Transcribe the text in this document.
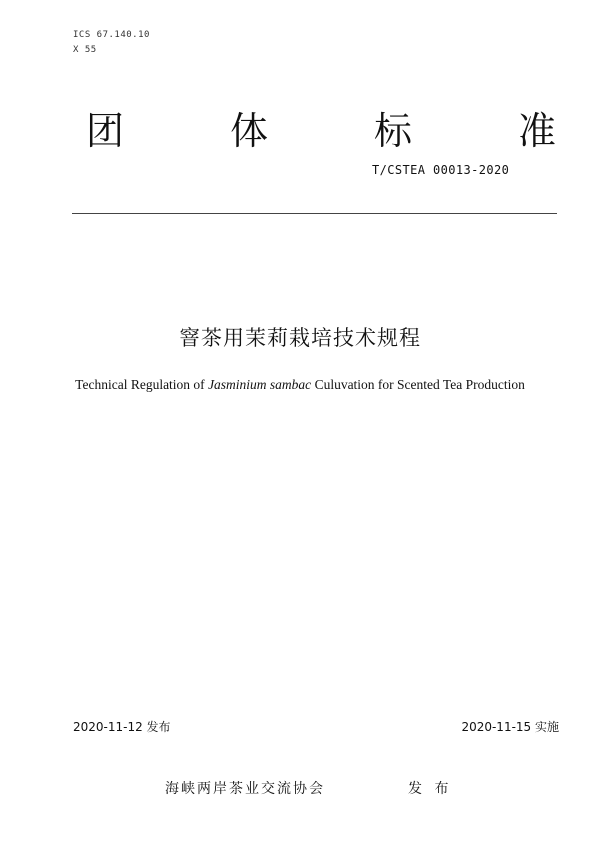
ICS 67.140.10
X 55
团	体	标	准
T/CSTEA 00013-2020
窨茶用茉莉栽培技术规程
Technical Regulation of Jasminium sambac Culuvation for Scented Tea Production
2020-11-12 发布	2020-11-15 实施
海峡两岸茶业交流协会	发 布
